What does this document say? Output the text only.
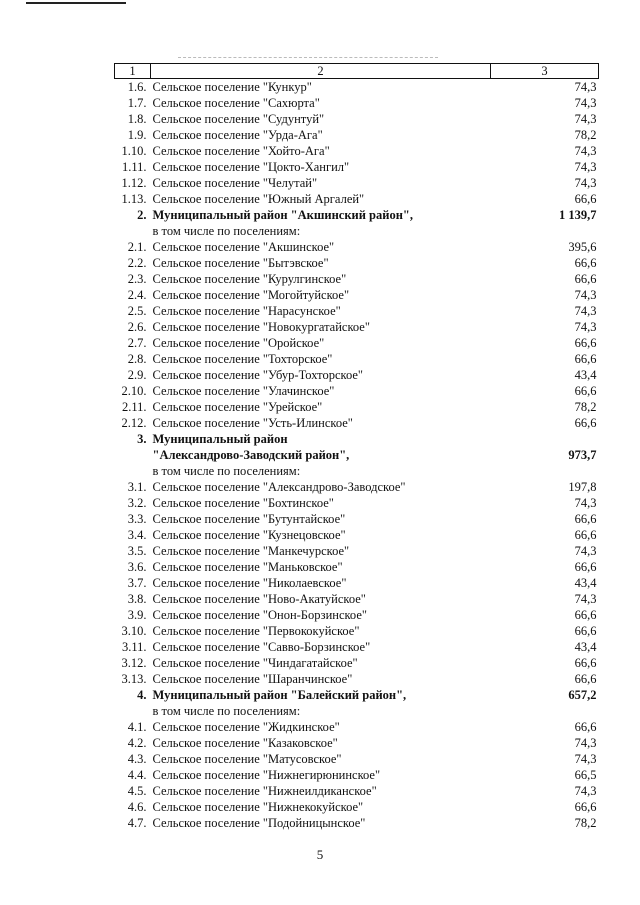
1	2	3
1.6.	Сельское поселение "Кункур"	74,3
1.7.	Сельское поселение "Сахюрта"	74,3
1.8.	Сельское поселение "Судунтуй"	74,3
1.9.	Сельское поселение "Урда-Ага"	78,2
1.10.	Сельское поселение "Хойто-Ага"	74,3
1.11.	Сельское поселение "Цокто-Хангил"	74,3
1.12.	Сельское поселение "Челутай"	74,3
1.13.	Сельское поселение "Южный Аргалей"	66,6
2.	Муниципальный район "Акшинский район",	1 139,7
	в том числе по поселениям:	
2.1.	Сельское поселение "Акшинское"	395,6
2.2.	Сельское поселение "Бытэвское"	66,6
2.3.	Сельское поселение "Курулгинское"	66,6
2.4.	Сельское поселение "Могойтуйское"	74,3
2.5.	Сельское поселение "Нарасунское"	74,3
2.6.	Сельское поселение "Новокургатайское"	74,3
2.7.	Сельское поселение "Оройское"	66,6
2.8.	Сельское поселение "Тохторское"	66,6
2.9.	Сельское поселение "Убур-Тохторское"	43,4
2.10.	Сельское поселение "Улачинское"	66,6
2.11.	Сельское поселение "Урейское"	78,2
2.12.	Сельское поселение "Усть-Илинское"	66,6
3.	Муниципальный район	
	"Александрово-Заводский район",	973,7
	в том числе по поселениям:	
3.1.	Сельское поселение "Александрово-Заводское"	197,8
3.2.	Сельское поселение "Бохтинское"	74,3
3.3.	Сельское поселение "Бутунтайское"	66,6
3.4.	Сельское поселение "Кузнецовское"	66,6
3.5.	Сельское поселение "Манкечурское"	74,3
3.6.	Сельское поселение "Маньковское"	66,6
3.7.	Сельское поселение "Николаевское"	43,4
3.8.	Сельское поселение "Ново-Акатуйское"	74,3
3.9.	Сельское поселение "Онон-Борзинское"	66,6
3.10.	Сельское поселение "Первококуйское"	66,6
3.11.	Сельское поселение "Савво-Борзинское"	43,4
3.12.	Сельское поселение "Чиндагатайское"	66,6
3.13.	Сельское поселение "Шаранчинское"	66,6
4.	Муниципальный район "Балейский район",	657,2
	в том числе по поселениям:	
4.1.	Сельское поселение "Жидкинское"	66,6
4.2.	Сельское поселение "Казаковское"	74,3
4.3.	Сельское поселение "Матусовское"	74,3
4.4.	Сельское поселение "Нижнегирюнинское"	66,5
4.5.	Сельское поселение "Нижнеилдиканское"	74,3
4.6.	Сельское поселение "Нижнекокуйское"	66,6
4.7.	Сельское поселение "Подойницынское"	78,2
5
